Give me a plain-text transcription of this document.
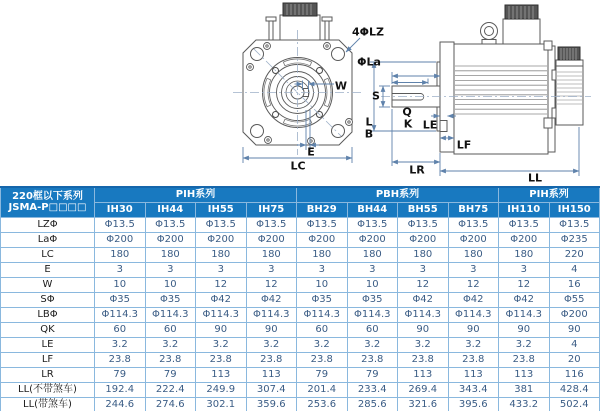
4ΦLZ
ΦLa
W
E
LC
S
L
B
Q
K LE
LF
LR
LL
220框以下系列
JSMA-P□□□□	PIH系列				PBH系列				PIH系列	
	IH30	IH44	IH55	IH75	BH29	BH44	BH55	BH75	IH110	IH150
LZΦ	Φ13.5	Φ13.5	Φ13.5	Φ13.5	Φ13.5	Φ13.5	Φ13.5	Φ13.5	Φ13.5	Φ13.5
LaΦ	Φ200	Φ200	Φ200	Φ200	Φ200	Φ200	Φ200	Φ200	Φ200	Φ235
LC	180	180	180	180	180	180	180	180	180	220
E	3	3	3	3	3	3	3	3	3	4
W	10	10	12	12	10	10	12	12	12	16
SΦ	Φ35	Φ35	Φ42	Φ42	Φ35	Φ35	Φ42	Φ42	Φ42	Φ55
LBΦ	Φ114.3	Φ114.3	Φ114.3	Φ114.3	Φ114.3	Φ114.3	Φ114.3	Φ114.3	Φ114.3	Φ200
QK	60	60	90	90	60	60	90	90	90	90
LE	3.2	3.2	3.2	3.2	3.2	3.2	3.2	3.2	3.2	4
LF	23.8	23.8	23.8	23.8	23.8	23.8	23.8	23.8	23.8	20
LR	79	79	113	113	79	79	113	113	113	116
LL(不带煞车)	192.4	222.4	249.9	307.4	201.4	233.4	269.4	343.4	381	428.4
LL(带煞车)	244.6	274.6	302.1	359.6	253.6	285.6	321.6	395.6	433.2	502.4
